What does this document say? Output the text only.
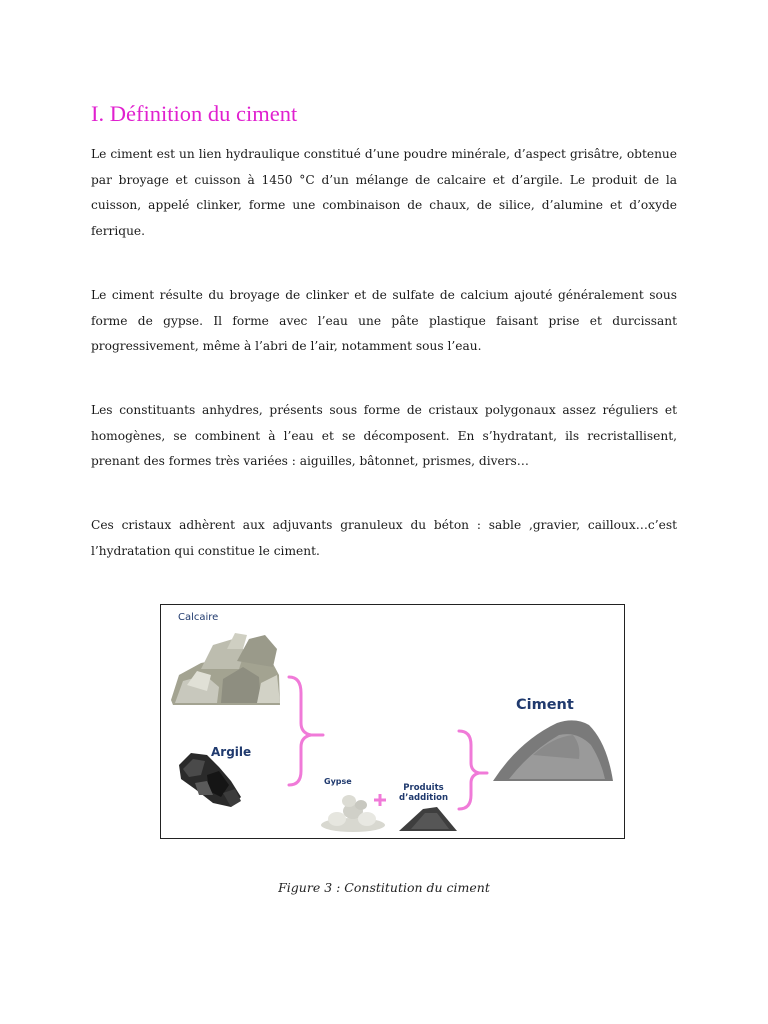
I. Définition du ciment

Le ciment est un lien hydraulique constitué d’une poudre minérale, d’aspect grisâtre, obtenue par broyage et cuisson à 1450 °C d’un mélange de calcaire et d’argile. Le produit de la cuisson, appelé clinker, forme une combinaison de chaux, de silice, d’alumine et d’oxyde ferrique.

Le ciment résulte du broyage de clinker et de sulfate de calcium ajouté généralement sous forme de gypse. Il forme avec l’eau une pâte plastique faisant prise et durcissant progressivement, même à l’abri de l’air, notamment sous l’eau.

Les constituants anhydres, présents sous forme de cristaux polygonaux assez réguliers et homogènes, se combinent à l’eau et se décomposent. En s’hydratant, ils recristallisent, prenant des formes très variées : aiguilles, bâtonnet, prismes, divers…

Ces cristaux adhèrent aux adjuvants granuleux du béton : sable ,gravier, cailloux…c’est l’hydratation qui constitue le ciment.

Calcaire
Argile
Ciment
Gypse
Produits
d’addition

Figure 3 : Constitution du ciment
